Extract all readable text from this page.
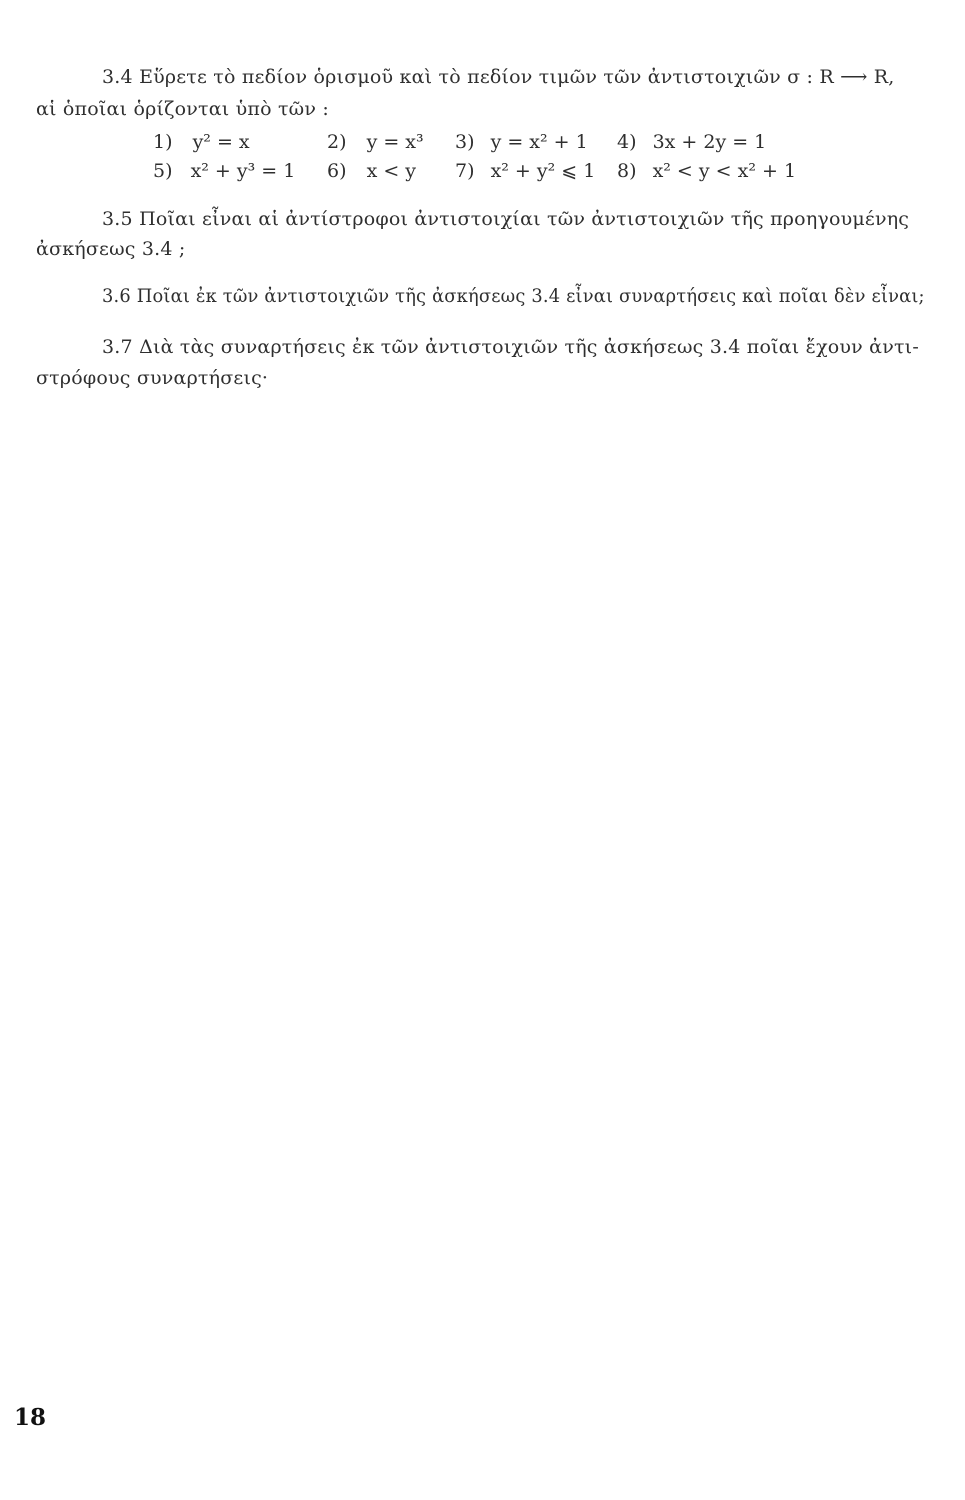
3.4 Εὕρετε τὸ πεδίον ὁρισμοῦ καὶ τὸ πεδίον τιμῶν τῶν ἀντιστοιχιῶν σ : R ⟶ R,
αἱ ὁποῖαι ὁρίζονται ὑπὸ τῶν :
1) y² = x	2) y = x³ 3) y = x² + 1 4) 3x + 2y = 1
5) x² + y³ = 1 6) x < y 7) x² + y² ⩽ 1 8) x² < y < x² + 1
3.5 Ποῖαι εἶναι αἱ ἀντίστροφοι ἀντιστοιχίαι τῶν ἀντιστοιχιῶν τῆς προηγουμένης
ἀσκήσεως 3.4 ;
3.6 Ποῖαι ἐκ τῶν ἀντιστοιχιῶν τῆς ἀσκήσεως 3.4 εἶναι συναρτήσεις καὶ ποῖαι δὲν εἶναι;
3.7 Διὰ τὰς συναρτήσεις ἐκ τῶν ἀντιστοιχιῶν τῆς ἀσκήσεως 3.4 ποῖαι ἔχουν ἀντι-
στρόφους συναρτήσεις·
18
